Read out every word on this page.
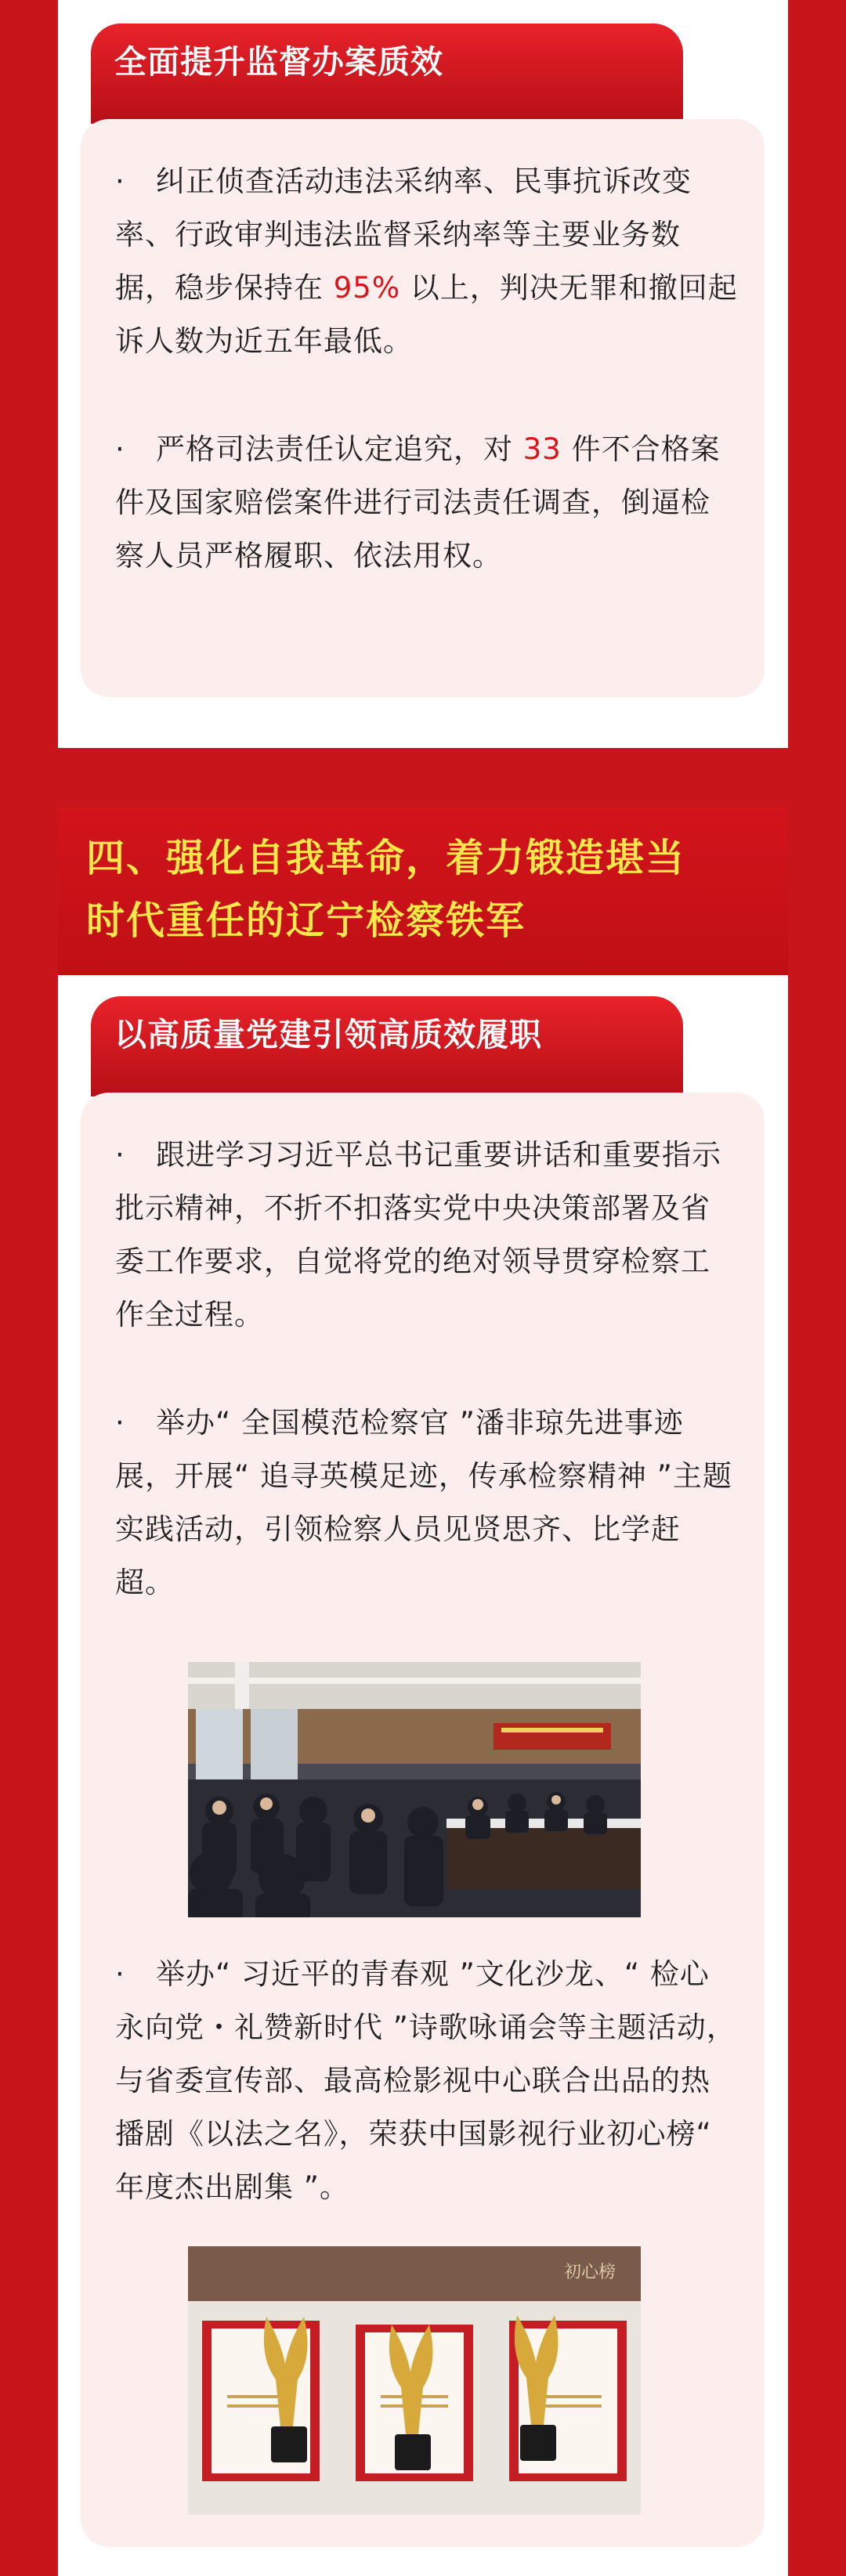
全面提升监督办案质效

· 纠正侦查活动违法采纳率、民事抗诉改变率、行政审判违法监督采纳率等主要业务数据，稳步保持在 95% 以上，判决无罪和撤回起诉人数为近五年最低。

· 严格司法责任认定追究，对 33 件不合格案件及国家赔偿案件进行司法责任调查，倒逼检察人员严格履职、依法用权。

四、强化自我革命，着力锻造堪当
时代重任的辽宁检察铁军
以高质量党建引领高质效履职

· 跟进学习习近平总书记重要讲话和重要指示批示精神，不折不扣落实党中央决策部署及省委工作要求，自觉将党的绝对领导贯穿检察工作全过程。

· 举办“ 全国模范检察官 ”潘非琼先进事迹展，开展“ 追寻英模足迹，传承检察精神 ”主题实践活动，引领检察人员见贤思齐、比学赶超。

· 举办“ 习近平的青春观 ”文化沙龙、“ 检心永向党・礼赞新时代 ”诗歌咏诵会等主题活动，与省委宣传部、最高检影视中心联合出品的热播剧《以法之名》，荣获中国影视行业初心榜“ 年度杰出剧集 ”。

初心榜
